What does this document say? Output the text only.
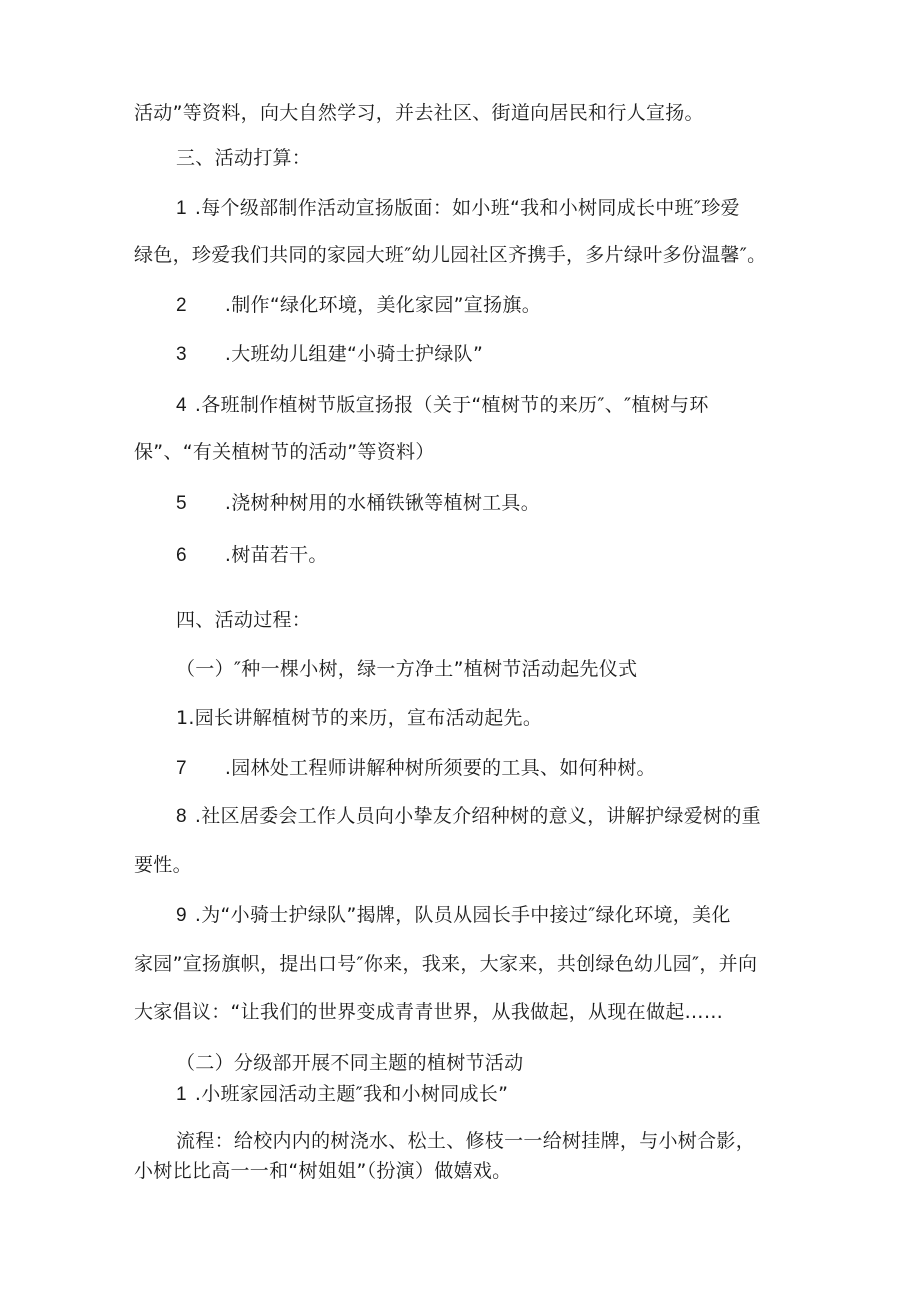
活动”等资料，向大自然学习，并去社区、街道向居民和行人宣扬。
三、活动打算：
1 .每个级部制作活动宣扬版面：如小班“我和小树同成长中班″珍爱
绿色，珍爱我们共同的家园大班″幼儿园社区齐携手，多片绿叶多份温馨″。
2 .制作“绿化环境，美化家园”宣扬旗。
3 .大班幼儿组建“小骑士护绿队”
4 .各班制作植树节版宣扬报（关于“植树节的来历″、″植树与环
保”、“有关植树节的活动”等资料）
5 .浇树种树用的水桶铁锹等植树工具。
6 .树苗若干。
四、活动过程：
（一）″种一棵小树，绿一方净土”植树节活动起先仪式
1.园长讲解植树节的来历，宣布活动起先。
7 .园林处工程师讲解种树所须要的工具、如何种树。
8 .社区居委会工作人员向小挚友介绍种树的意义，讲解护绿爱树的重
要性。
9 .为“小骑士护绿队”揭牌，队员从园长手中接过″绿化环境，美化
家园”宣扬旗帜，提出口号″你来，我来，大家来，共创绿色幼儿园″，并向
大家倡议：“让我们的世界变成青青世界，从我做起，从现在做起……
（二）分级部开展不同主题的植树节活动
1 .小班家园活动主题″我和小树同成长”
流程：给校内内的树浇水、松土、修枝一一给树挂牌，与小树合影，
小树比比高一一和“树姐姐”（扮演）做嬉戏。
